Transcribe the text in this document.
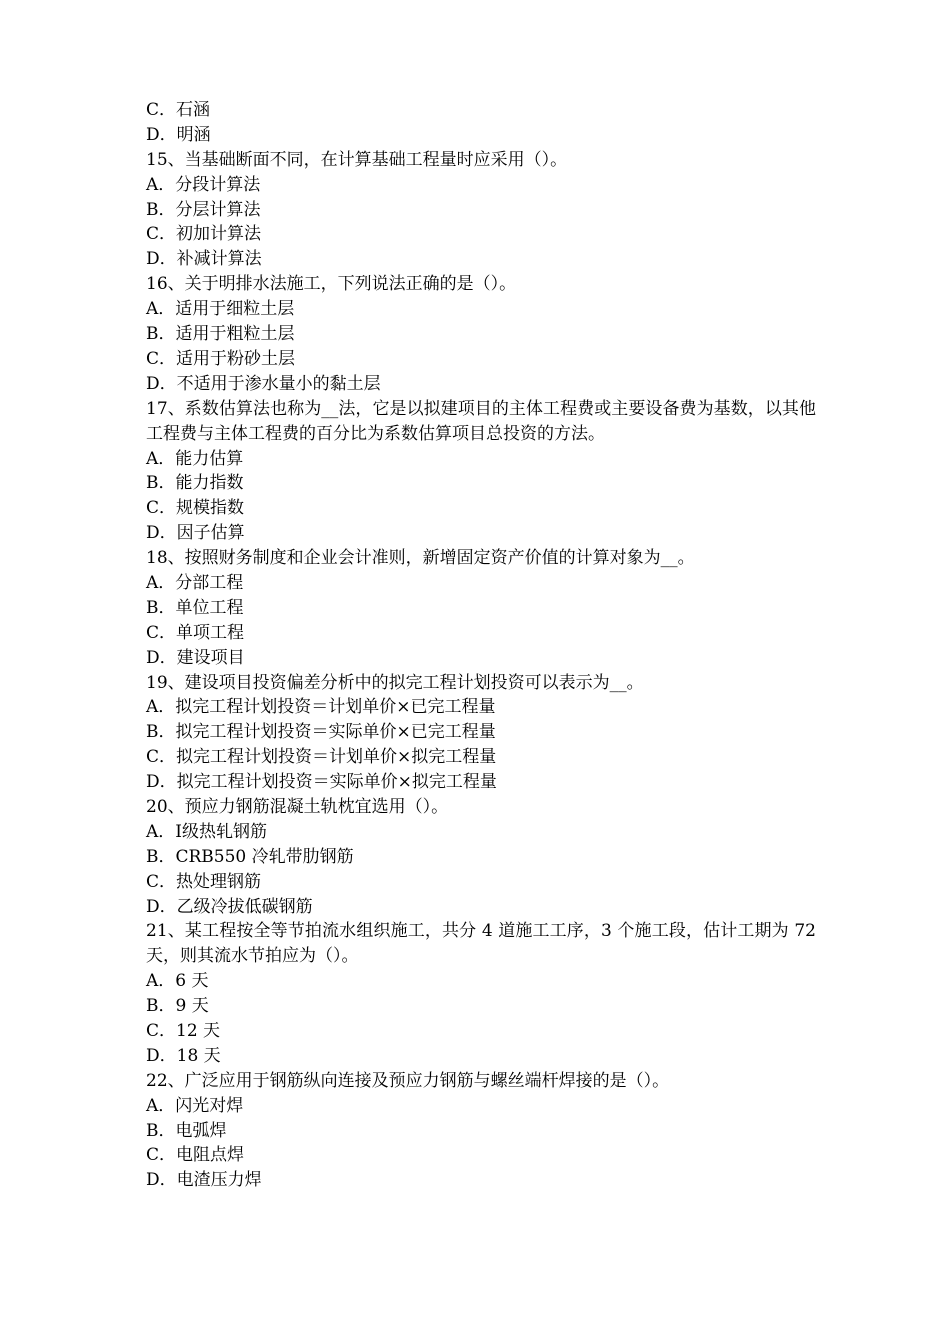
C．石涵
D．明涵
15、当基础断面不同，在计算基础工程量时应采用（）。
A．分段计算法
B．分层计算法
C．初加计算法
D．补减计算法
16、关于明排水法施工，下列说法正确的是（）。
A．适用于细粒土层
B．适用于粗粒土层
C．适用于粉砂土层
D．不适用于渗水量小的黏土层
17、系数估算法也称为__法，它是以拟建项目的主体工程费或主要设备费为基数，以其他工程费与主体工程费的百分比为系数估算项目总投资的方法。
A．能力估算
B．能力指数
C．规模指数
D．因子估算
18、按照财务制度和企业会计准则，新增固定资产价值的计算对象为__。
A．分部工程
B．单位工程
C．单项工程
D．建设项目
19、建设项目投资偏差分析中的拟完工程计划投资可以表示为__。
A．拟完工程计划投资＝计划单价×已完工程量
B．拟完工程计划投资＝实际单价×已完工程量
C．拟完工程计划投资＝计划单价×拟完工程量
D．拟完工程计划投资＝实际单价×拟完工程量
20、预应力钢筋混凝土轨枕宜选用（）。
A．Ⅰ级热轧钢筋
B．CRB550 冷轧带肋钢筋
C．热处理钢筋
D．乙级冷拔低碳钢筋
21、某工程按全等节拍流水组织施工，共分 4 道施工工序，3 个施工段，估计工期为 72 天，则其流水节拍应为（）。
A．6 天
B．9 天
C．12 天
D．18 天
22、广泛应用于钢筋纵向连接及预应力钢筋与螺丝端杆焊接的是（）。
A．闪光对焊
B．电弧焊
C．电阻点焊
D．电渣压力焊
